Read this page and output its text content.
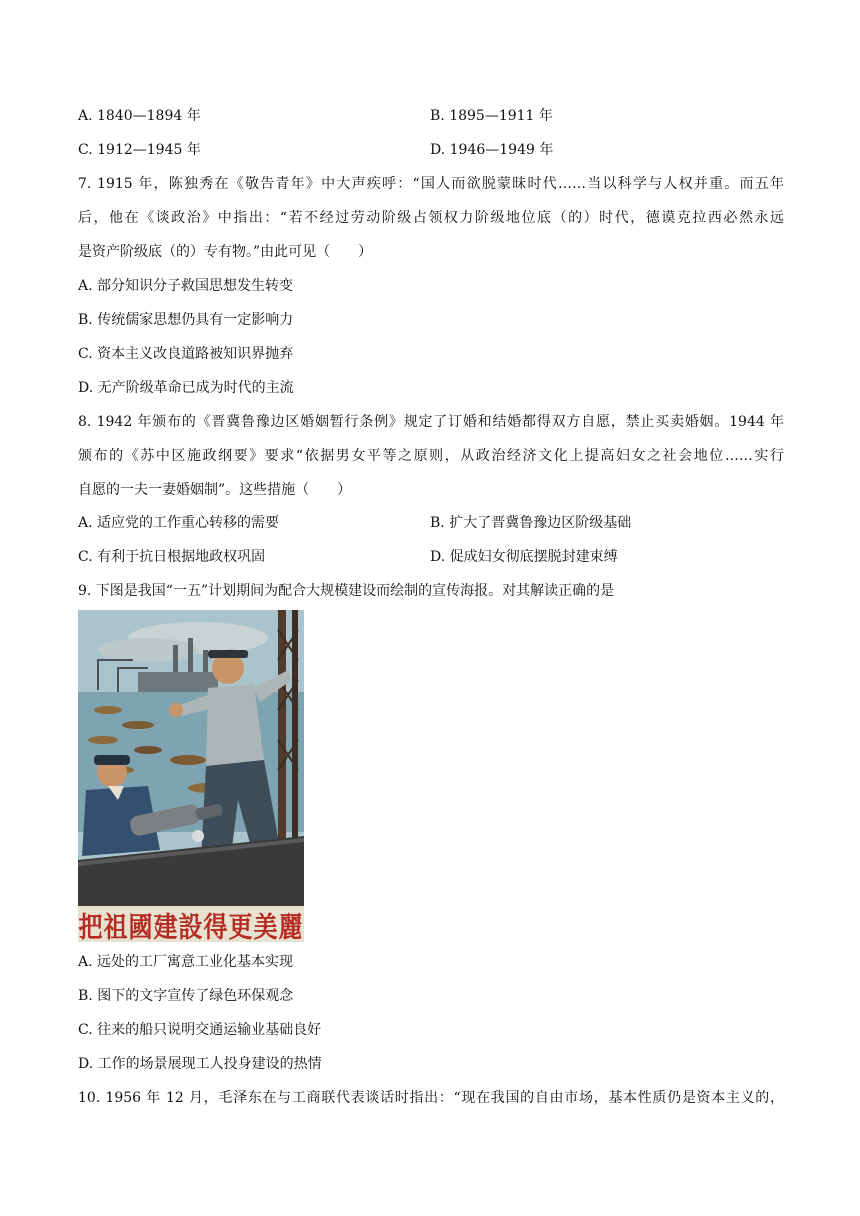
A. 1840—1894 年	B. 1895—1911 年
C. 1912—1945 年	D. 1946—1949 年
7. 1915 年，陈独秀在《敬告青年》中大声疾呼：“国人而欲脱蒙昧时代……当以科学与人权并重。而五年
后，他在《谈政治》中指出：“若不经过劳动阶级占领权力阶级地位底（的）时代，德谟克拉西必然永远
是资产阶级底（的）专有物。”由此可见（　　）
A. 部分知识分子救国思想发生转变
B. 传统儒家思想仍具有一定影响力
C. 资本主义改良道路被知识界抛弃
D. 无产阶级革命已成为时代的主流
8. 1942 年颁布的《晋冀鲁豫边区婚姻暂行条例》规定了订婚和结婚都得双方自愿，禁止买卖婚姻。1944 年
颁布的《苏中区施政纲要》要求“依据男女平等之原则，从政治经济文化上提高妇女之社会地位……实行
自愿的一夫一妻婚姻制”。这些措施（　　）
A. 适应党的工作重心转移的需要	B. 扩大了晋冀鲁豫边区阶级基础
C. 有利于抗日根据地政权巩固	D. 促成妇女彻底摆脱封建束缚
9. 下图是我国“一五”计划期间为配合大规模建设而绘制的宣传海报。对其解读正确的是
把祖國建設得更美麗
A. 远处的工厂寓意工业化基本实现
B. 图下的文字宣传了绿色环保观念
C. 往来的船只说明交通运输业基础良好
D. 工作的场景展现工人投身建设的热情
10. 1956 年 12 月，毛泽东在与工商联代表谈话时指出：“现在我国的自由市场，基本性质仍是资本主义的，
